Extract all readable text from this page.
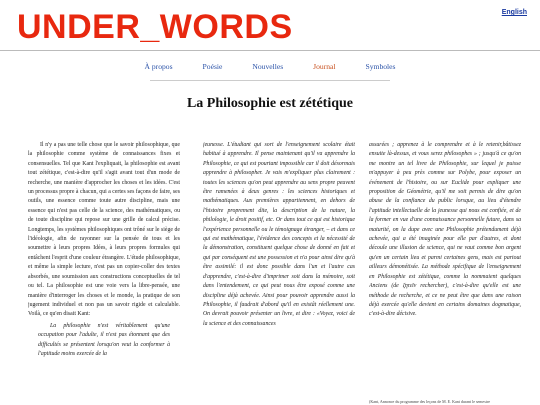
English
UNDER_WORDS
À propos	Poésie	Nouvelles	Journal	Symboles
La Philosophie est zététique

Il n'y a pas une telle chose que le savoir philosophique, que la philosophie comme système de connaissances fixes et consensuelles. Tel que Kant l'expliquait, la philosophie est avant tout zététique, c'est-à-dire qu'il s'agit avant tout d'un mode de recherche, une manière d'approcher les choses et les idées. C'est un processus propre à chacun, qui a certes ses façons de faire, ses outils, une essence comme toute autre discipline, mais une essence qui n'est pas celle de la science, des mathématiques, ou de toute discipline qui repose sur une grille de calcul précise. Longtemps, les systèmes philosophiques ont trôné sur le siège de l'idéologie, afin de rayonner sur la pensée de tous et les soumettre à leurs propres Idées, à leurs propres formules qui entâchent l'esprit d'une couleur étrangère. L'étude philosophique, et même la simple lecture, n'est pas un copier-coller des textes absorbés, une soumission aux constructions conceptuelles de tel ou tel. La philosophie est une voie vers la libre-pensée, une manière d'interroger les choses et le monde, la pratique de son jugement individuel et non pas un savoir rigide et calculable. Voilà, ce qu'en disait Kant:

La philosophie n'est véritablement qu'une occupation pour l'adulte, il n'est pas étonnant que des difficultés se présentent lorsqu'on veut la conformer à l'aptitude moins exercée de la

jeunesse. L'étudiant qui sort de l'enseignement scolaire était habitué à apprendre. Il pense maintenant qu'il va apprendre la Philosophie, ce qui est pourtant impossible car il doit désormais apprendre à philosopher. Je vais m'expliquer plus clairement : toutes les sciences qu'on peut apprendre au sens propre peuvent être ramenées à deux genres : les sciences historiques et mathématiques. Aux premières appartiennent, en dehors de l'histoire proprement dite, la description de la nature, la philologie, le droit positif, etc. Or dans tout ce qui est historique l'expérience personnelle ou le témoignage étranger, – et dans ce qui est mathématique, l'évidence des concepts et la nécessité de la démonstration, constituent quelque chose de donné en fait et qui par conséquent est une possession et n'a pour ainsi dire qu'à être assimilé: il est donc possible dans l'un et l'autre cas d'apprendre, c'est-à-dire d'imprimer soit dans la mémoire, soit dans l'entendement, ce qui peut nous être exposé comme une discipline déjà achevée. Ainsi pour pouvoir apprendre aussi la Philosophie, il faudrait d'abord qu'il en existât réellement une. On devrait pouvoir présenter un livre, et dire : «Voyez, voici de la science et des connaissances
assurées ; apprenez à le comprendre et à le retenir,bâtissez ensuite là-dessus, et vous serez philosophes » ; jusqu'à ce qu'on me montre un tel livre de Philosophie, sur lequel je puisse m'appuyer à peu près comme sur Polybe, pour exposer un événement de l'histoire, ou sur Euclide pour expliquer une proposition de Géométrie, qu'il me soit permis de dire qu'on abuse de la confiance du public lorsque, au lieu d'étendre l'aptitude intellectuelle de la jeunesse qui nous est confiée, et de la former en vue d'une connaissance personnelle future, dans sa maturité, on la dupe avec une Philosophie prétendument déjà achevée, qui a été imaginée pour elle par d'autres, et dont découle une illusion de science, qui ne vaut comme bon argent qu'en un certain lieu et parmi certaines gens, mais est partout ailleurs démonétisée. La méthode spécifique de l'enseignement en Philosophie est zététique, comme la nommaient quelques Anciens (de ζητεῖν rechercher), c'est-à-dire qu'elle est une méthode de recherche, et ce ne peut être que dans une raison déjà exercée qu'elle devient en certains domaines dogmatique, c'est-à-dire décisive.
(Kant, Annonce du programme des leçons de M. E. Kant durant le semestre
